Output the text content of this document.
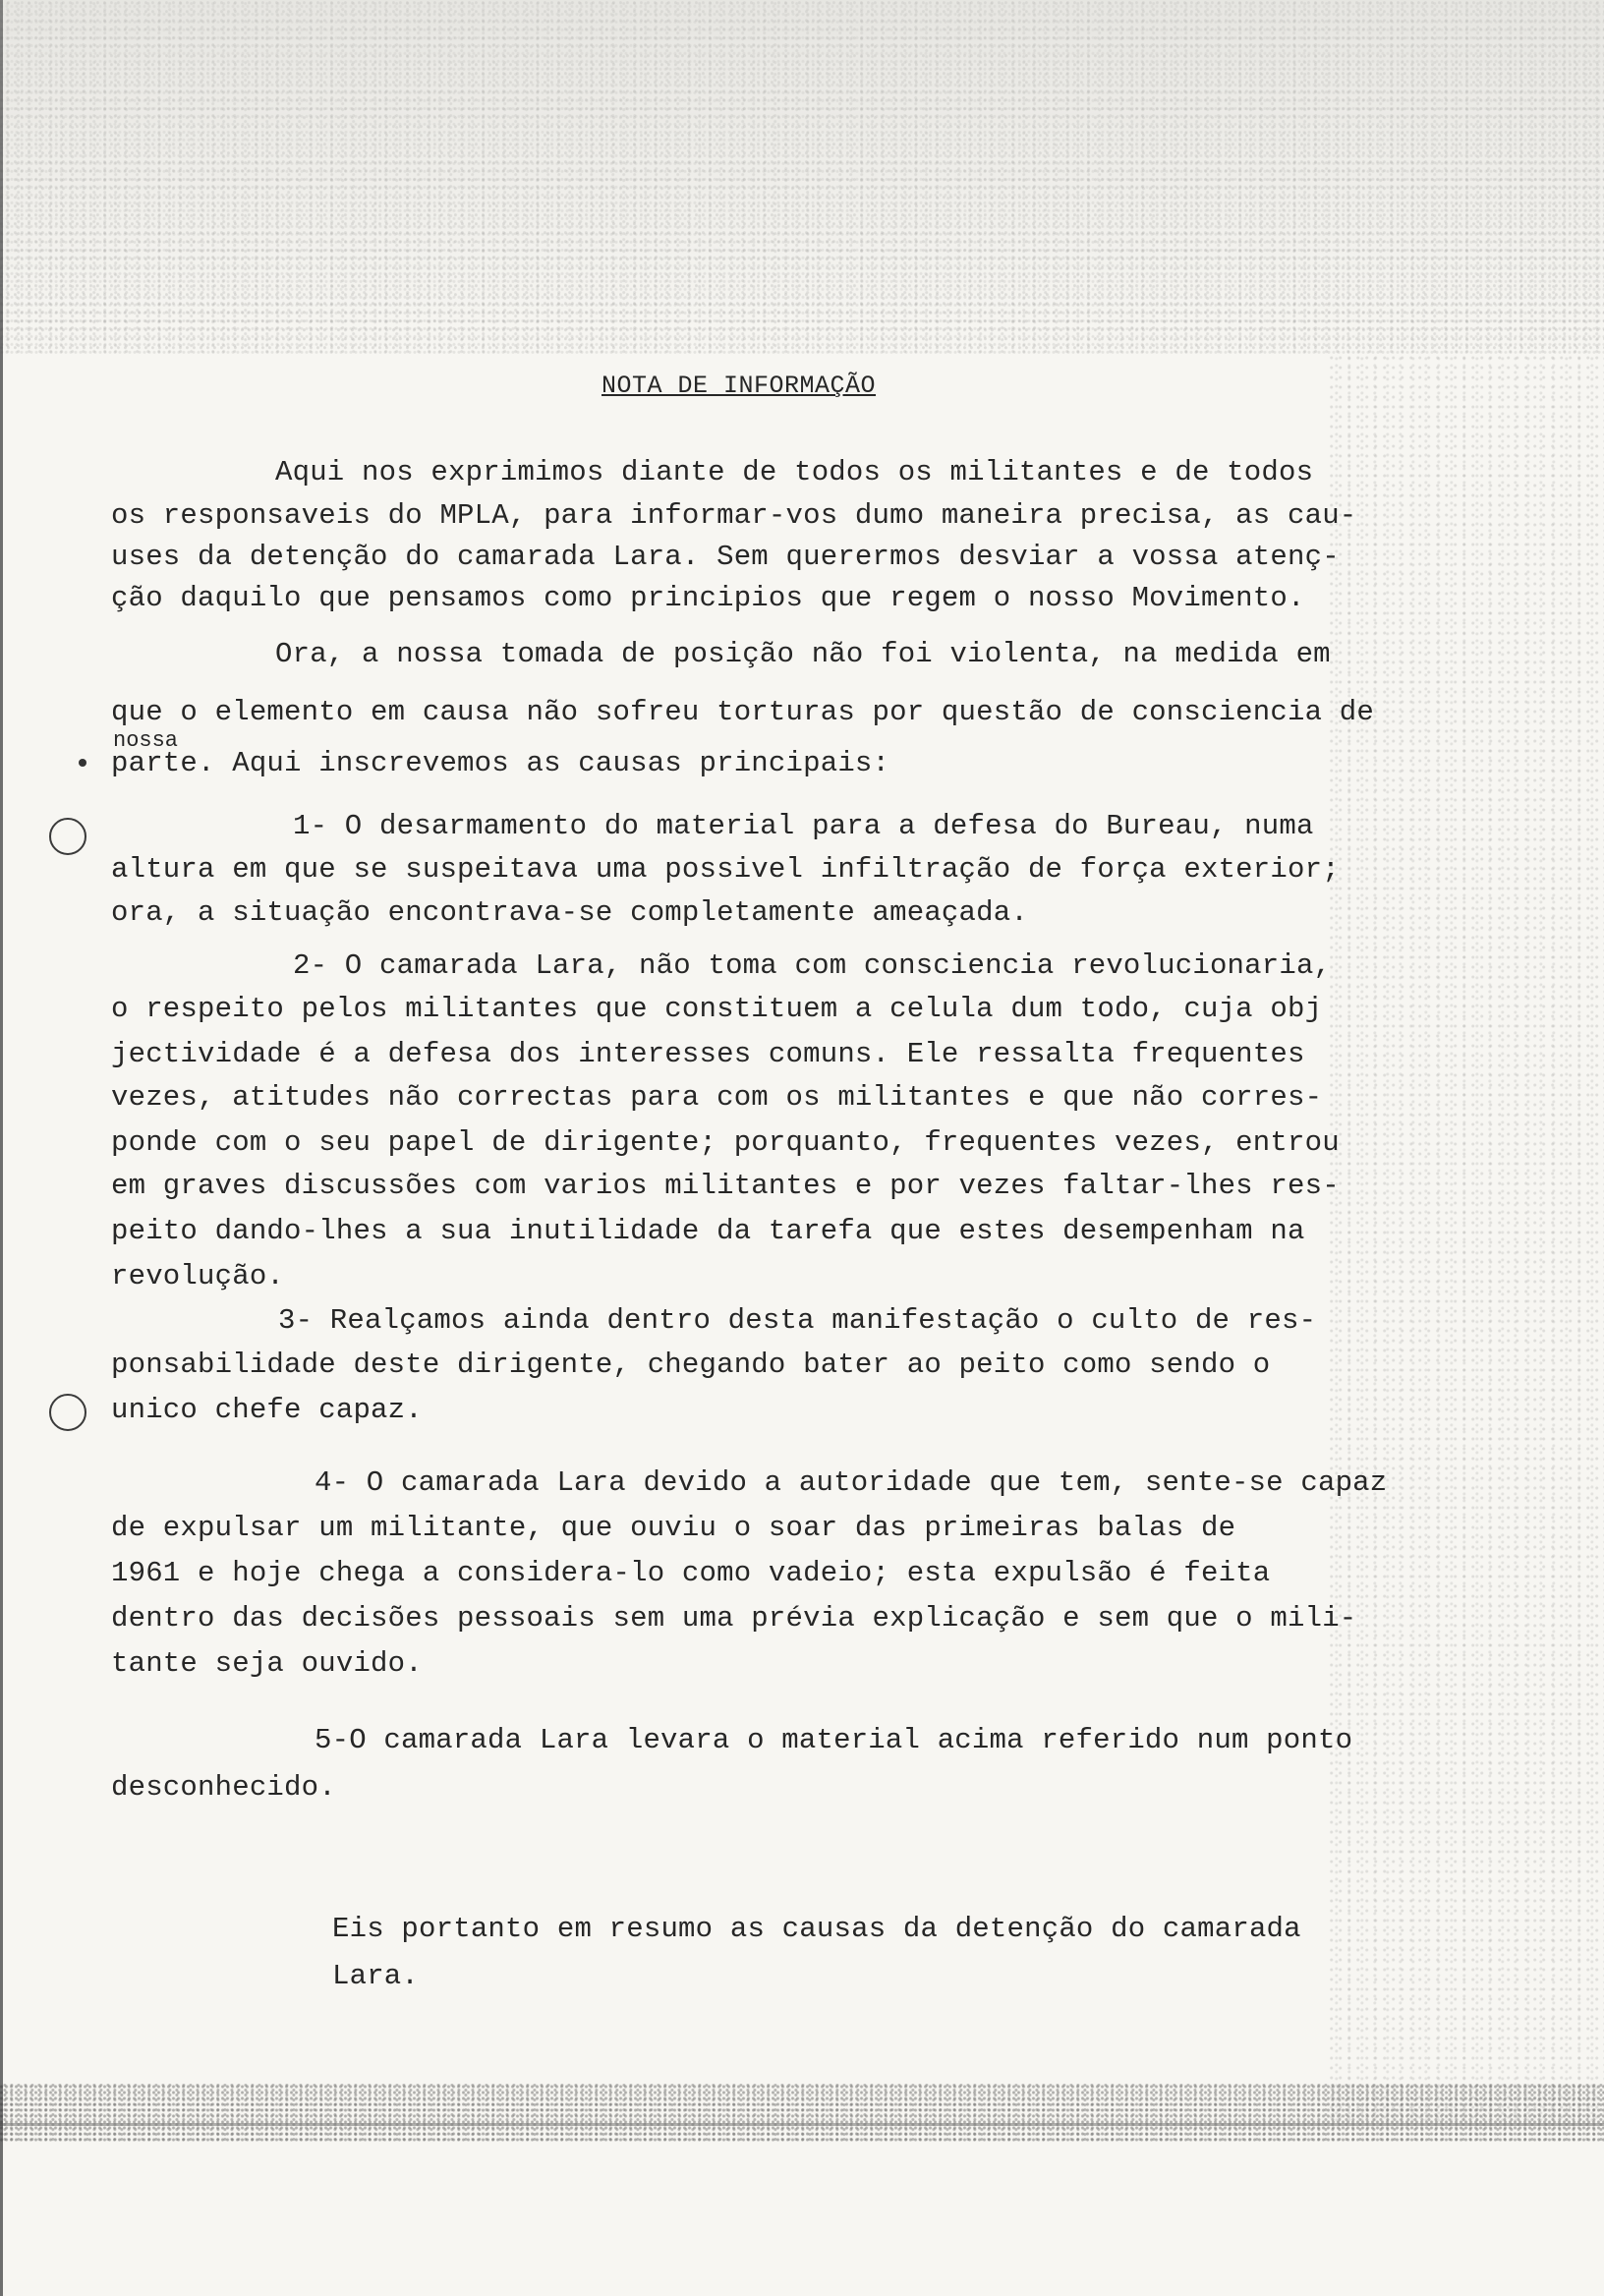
NOTA DE INFORMAÇÃO
Aqui nos exprimimos diante de todos os militantes e de todos
os responsaveis do MPLA, para informar-vos dumo maneira precisa, as cau-
uses da detenção do camarada Lara. Sem querermos desviar a vossa atenç-
ção daquilo que pensamos como principios que regem o nosso Movimento.
Ora, a nossa tomada de posição não foi violenta, na medida em
que o elemento em causa não sofreu torturas por questão de consciencia de
nossa
parte. Aqui inscrevemos as causas principais:
1- O desarmamento do material para a defesa do Bureau, numa
altura em que se suspeitava uma possivel infiltração de força exterior;
ora, a situação encontrava-se completamente ameaçada.
2- O camarada Lara, não toma com consciencia revolucionaria,
o respeito pelos militantes que constituem a celula dum todo, cuja obj
jectividade é a defesa dos interesses comuns. Ele ressalta frequentes
vezes, atitudes não correctas para com os militantes e que não corres-
ponde com o seu papel de dirigente; porquanto, frequentes vezes, entrou
em graves discussões com varios militantes e por vezes faltar-lhes res-
peito dando-lhes a sua inutilidade da tarefa que estes desempenham na
revolução.
3- Realçamos ainda dentro desta manifestação o culto de res-
ponsabilidade deste dirigente, chegando bater ao peito como sendo o
unico chefe capaz.
4- O camarada Lara devido a autoridade que tem, sente-se capaz
de expulsar um militante, que ouviu o soar das primeiras balas de
1961 e hoje chega a considera-lo como vadeio; esta expulsão é feita
dentro das decisões pessoais sem uma prévia explicação e sem que o mili-
tante seja ouvido.
5-O camarada Lara levara o material acima referido num ponto
desconhecido.
Eis portanto em resumo as causas da detenção do camarada
Lara.
